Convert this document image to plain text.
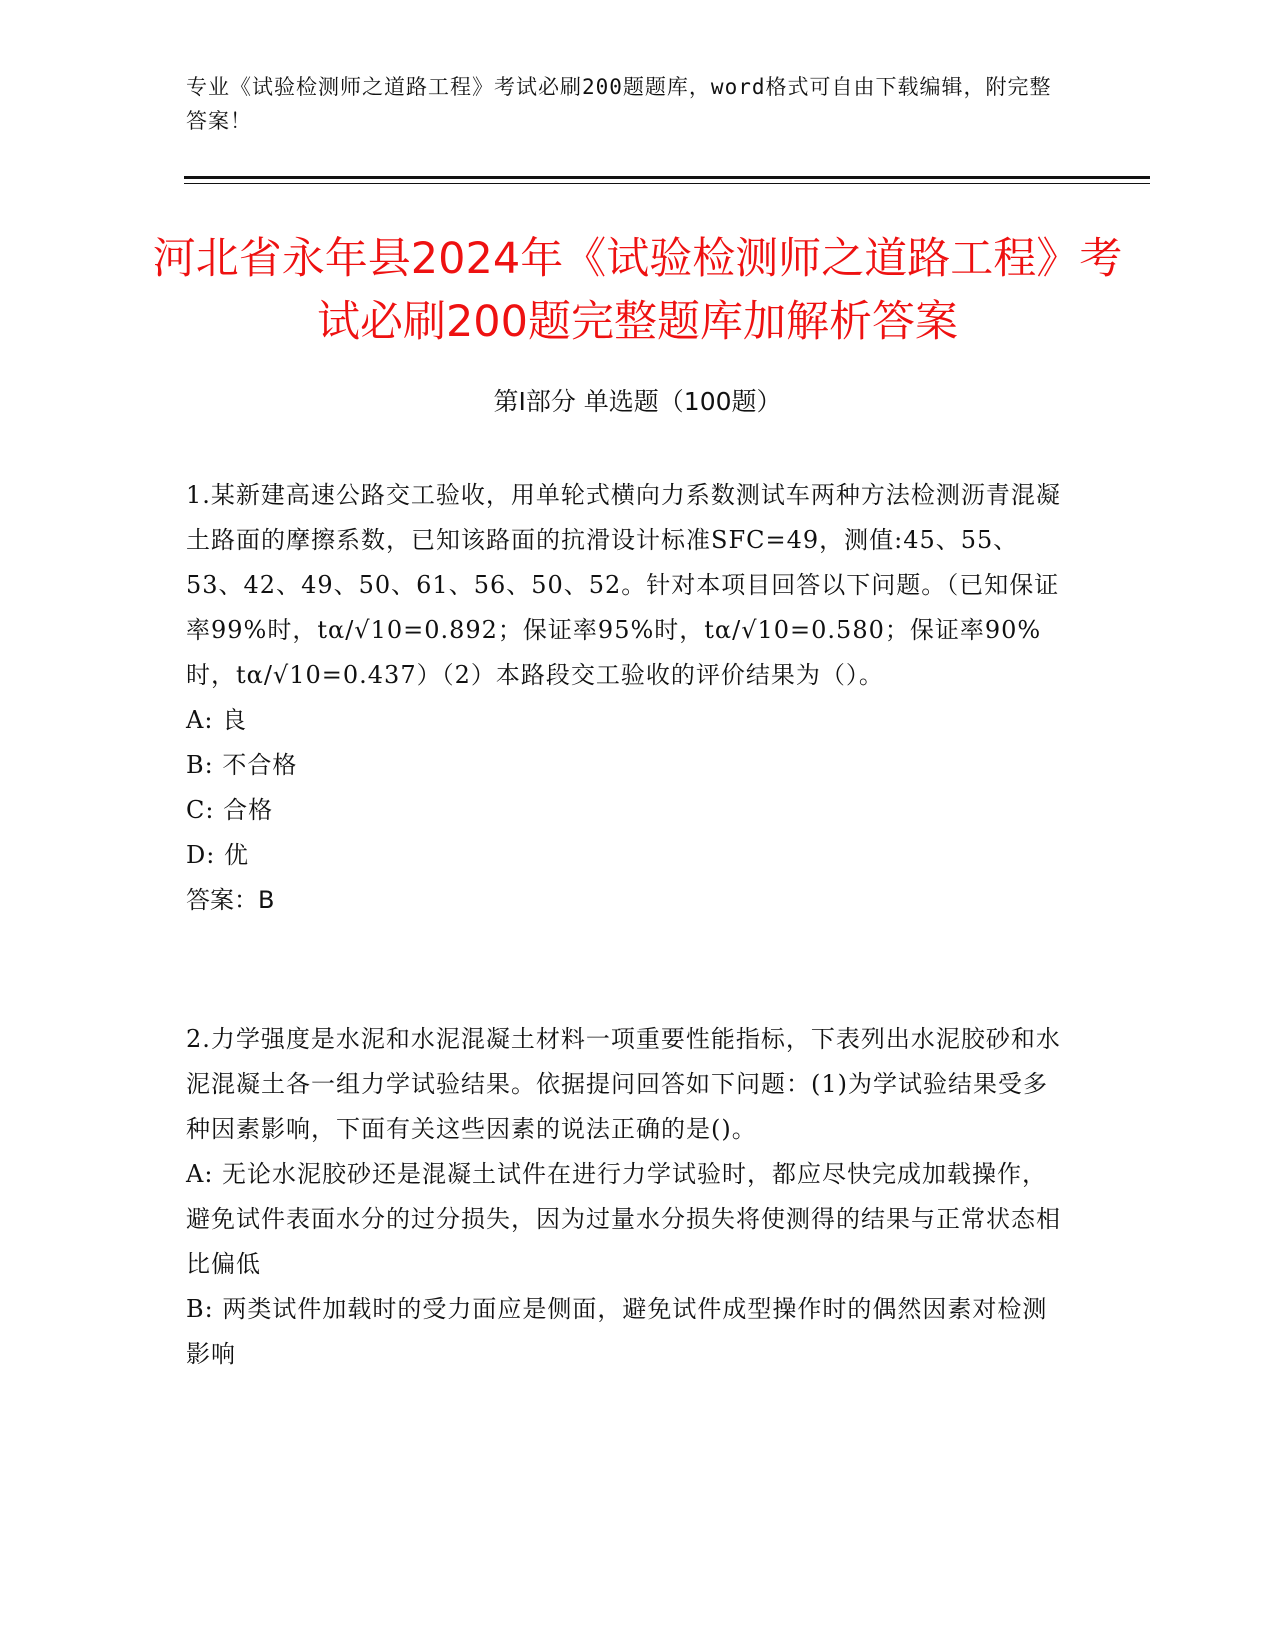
专业《试验检测师之道路工程》考试必刷200题题库，word格式可自由下载编辑，附完整答案！
河北省永年县2024年《试验检测师之道路工程》考试必刷200题完整题库加解析答案
第Ⅰ部分 单选题（100题）

1.某新建高速公路交工验收，用单轮式横向力系数测试车两种方法检测沥青混凝土路面的摩擦系数，已知该路面的抗滑设计标准SFC=49，测值:45、55、53、42、49、50、61、56、50、52。针对本项目回答以下问题。（已知保证率99%时，tα/√10=0.892；保证率95%时，tα/√10=0.580；保证率90%时，tα/√10=0.437）（2）本路段交工验收的评价结果为（）。

A: 良

B: 不合格

C: 合格

D: 优

答案：B

2.力学强度是水泥和水泥混凝土材料一项重要性能指标，下表列出水泥胶砂和水泥混凝土各一组力学试验结果。依据提问回答如下问题：(1)为学试验结果受多种因素影响，下面有关这些因素的说法正确的是()。

A: 无论水泥胶砂还是混凝土试件在进行力学试验时，都应尽快完成加载操作，避免试件表面水分的过分损失，因为过量水分损失将使测得的结果与正常状态相比偏低

B: 两类试件加载时的受力面应是侧面，避免试件成型操作时的偶然因素对检测影响
